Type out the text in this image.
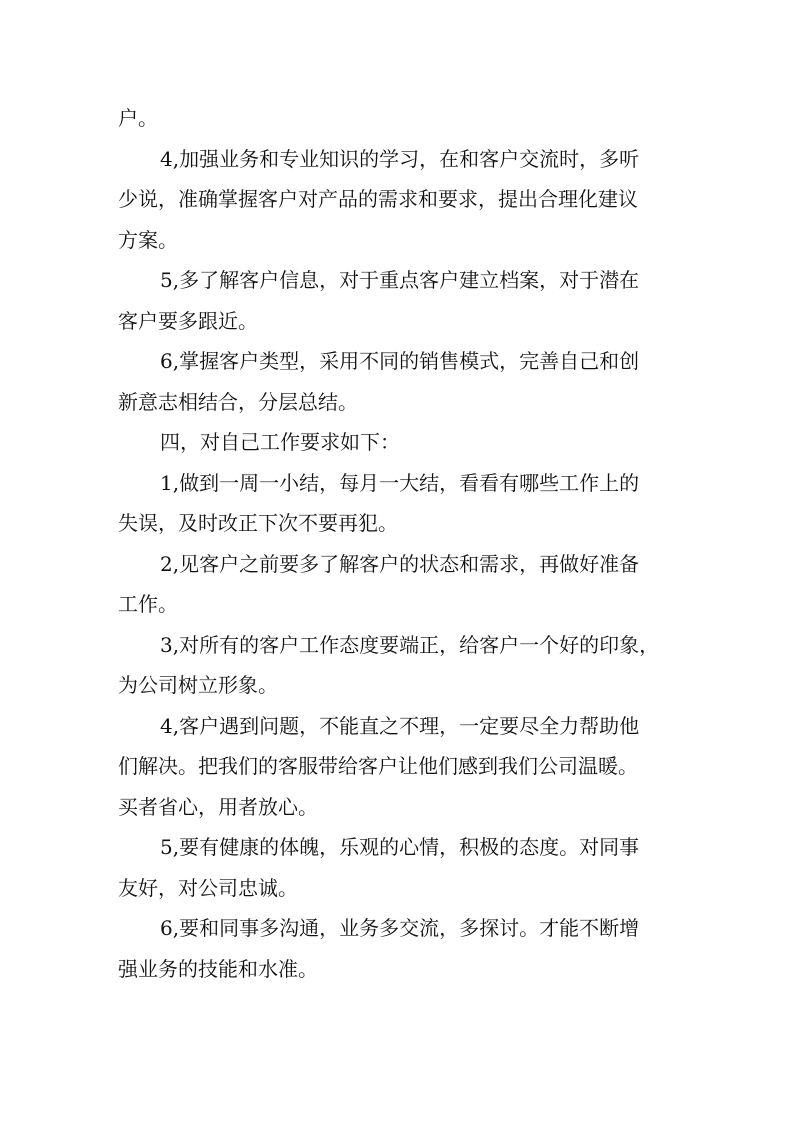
户。
4,加强业务和专业知识的学习，在和客户交流时，多听
少说，准确掌握客户对产品的需求和要求，提出合理化建议
方案。
5,多了解客户信息，对于重点客户建立档案，对于潜在
客户要多跟近。
6,掌握客户类型，采用不同的销售模式，完善自己和创
新意志相结合，分层总结。
四，对自己工作要求如下：
1,做到一周一小结，每月一大结，看看有哪些工作上的
失误，及时改正下次不要再犯。
2,见客户之前要多了解客户的状态和需求，再做好准备
工作。
3,对所有的客户工作态度要端正，给客户一个好的印象，
为公司树立形象。
4,客户遇到问题，不能直之不理，一定要尽全力帮助他
们解决。把我们的客服带给客户让他们感到我们公司温暖。
买者省心，用者放心。
5,要有健康的体魄，乐观的心情，积极的态度。对同事
友好，对公司忠诚。
6,要和同事多沟通，业务多交流，多探讨。才能不断增
强业务的技能和水准。
